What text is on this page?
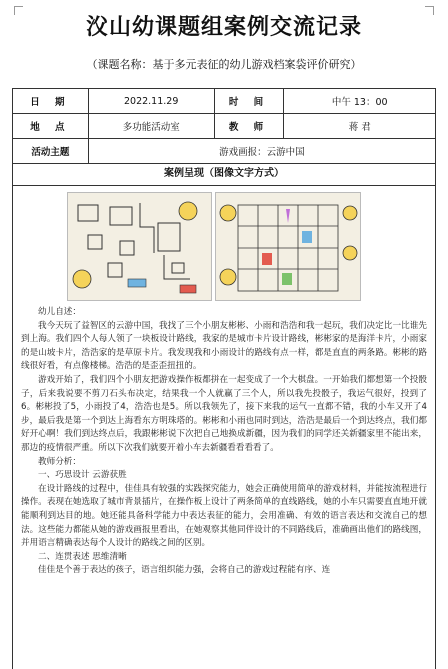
㳇山幼课题组案例交流记录
（课题名称：基于多元表征的幼儿游戏档案袋评价研究）
日 期	2022.11.29	时 间	中午 13：00
地 点	多功能活动室	教 师	蒋 君
活动主题	游戏画报：云游中国		
案例呈现（图像文字方式）

幼儿自述：

我今天玩了益智区的云游中国，我找了三个小朋友彬彬、小雨和浩浩和我一起玩，我们决定比一比谁先到上海。我们四个人每人领了一块板设计路线，我家的是城市卡片设计路线，彬彬家的是海洋卡片，小雨家的是山坡卡片，浩浩家的是草原卡片。我发现我和小雨设计的路线有点一样，都是直直的两条路。彬彬的路线很好看，有点像楼梯。浩浩的是歪歪扭扭的。

游戏开始了，我们四个小朋友把游戏操作板都拼在一起变成了一个大棋盘。一开始我们都想第一个投骰子，后来我说要不剪刀石头布决定，结果我一个人就赢了三个人，所以我先投骰子，我运气很好，投到了6。彬彬投了5，小雨投了4，浩浩也是5。所以我领先了，接下来我的运气一直都不错，我的小车又开了4步，最后我是第一个到达上海看东方明珠塔的。彬彬和小雨也同时到达，浩浩是最后一个到达终点，我们都好开心啊！我们到达终点后，我跟彬彬说下次把自己地换成新疆，因为我们的同学还关新疆家里不能出来，那边的疫情很严重。所以下次我们就要开着小车去新疆看看看看了。

教师分析：

一、巧思设计 云游获胜

在设计路线的过程中，佳佳具有较强的实践探究能力，她会正确使用简单的游戏材料，并能按流程进行操作。表现在她选取了城市背景插片，在操作板上设计了两条简单的直线路线，她的小车只需要直直地开就能顺利到达目的地。她还能具备科学能力中表达表征的能力，会用准确、有效的语言表达和交流自己的想法。这些能力都能从她的游戏画报里看出，在她观察其他同伴设计的不同路线后，准确画出他们的路线图，并用语言精确表达每个人设计的路线之间的区别。

二、连贯表述 思维清晰

佳佳是个善于表达的孩子，语言组织能力强，会将自己的游戏过程能有序、连
